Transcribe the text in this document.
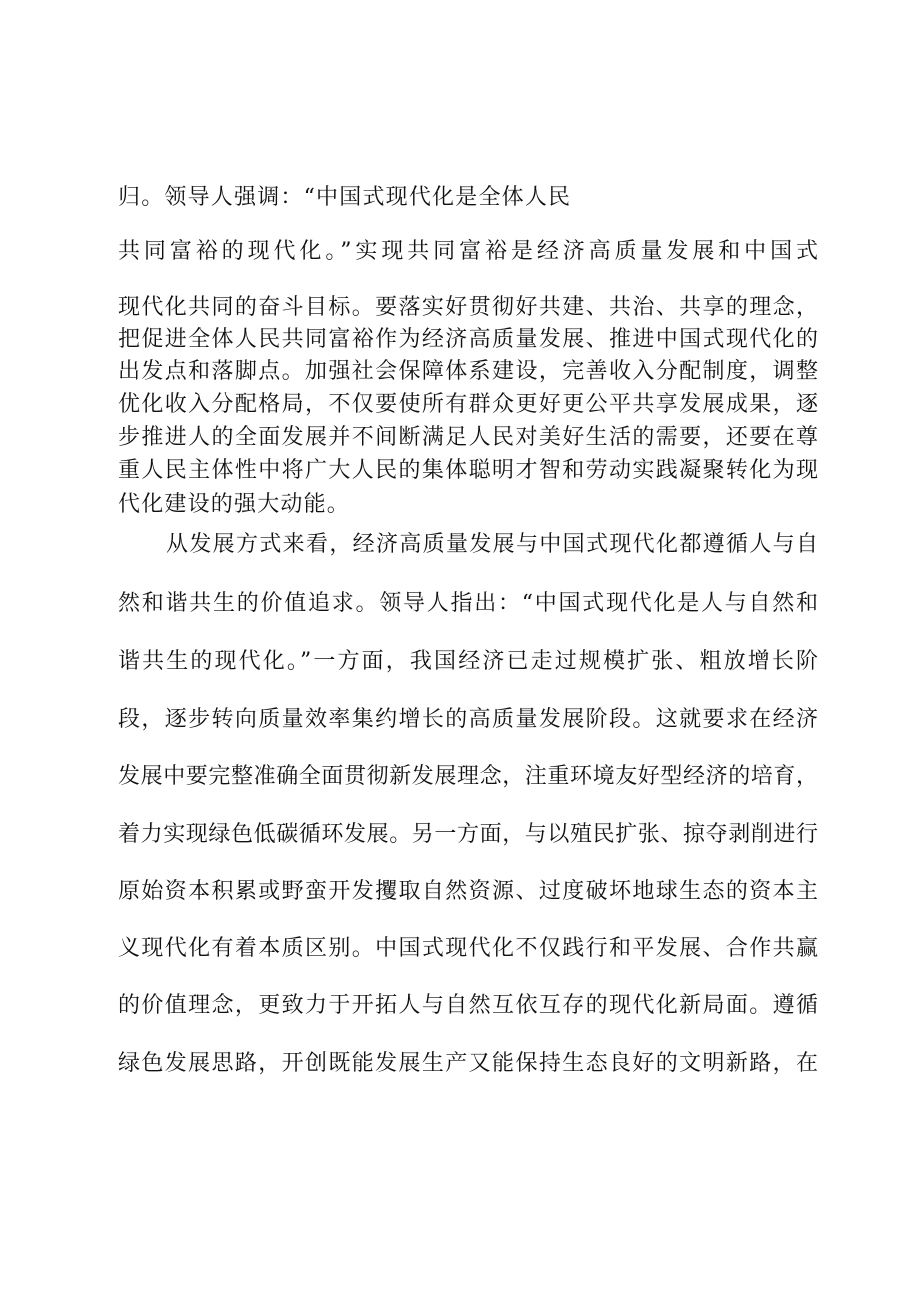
归。领导人强调：“中国式现代化是全体人民
共同富裕的现代化。”实现共同富裕是经济高质量发展和中国式
现代化共同的奋斗目标。要落实好贯彻好共建、共治、共享的理念，
把促进全体人民共同富裕作为经济高质量发展、推进中国式现代化的
出发点和落脚点。加强社会保障体系建设，完善收入分配制度，调整
优化收入分配格局，不仅要使所有群众更好更公平共享发展成果，逐
步推进人的全面发展并不间断满足人民对美好生活的需要，还要在尊
重人民主体性中将广大人民的集体聪明才智和劳动实践凝聚转化为现
代化建设的强大动能。
从发展方式来看，经济高质量发展与中国式现代化都遵循人与自
然和谐共生的价值追求。领导人指出：“中国式现代化是人与自然和
谐共生的现代化。”一方面，我国经济已走过规模扩张、粗放增长阶
段，逐步转向质量效率集约增长的高质量发展阶段。这就要求在经济
发展中要完整准确全面贯彻新发展理念，注重环境友好型经济的培育，
着力实现绿色低碳循环发展。另一方面，与以殖民扩张、掠夺剥削进行
原始资本积累或野蛮开发攫取自然资源、过度破坏地球生态的资本主
义现代化有着本质区别。中国式现代化不仅践行和平发展、合作共赢
的价值理念，更致力于开拓人与自然互依互存的现代化新局面。遵循
绿色发展思路，开创既能发展生产又能保持生态良好的文明新路，在
